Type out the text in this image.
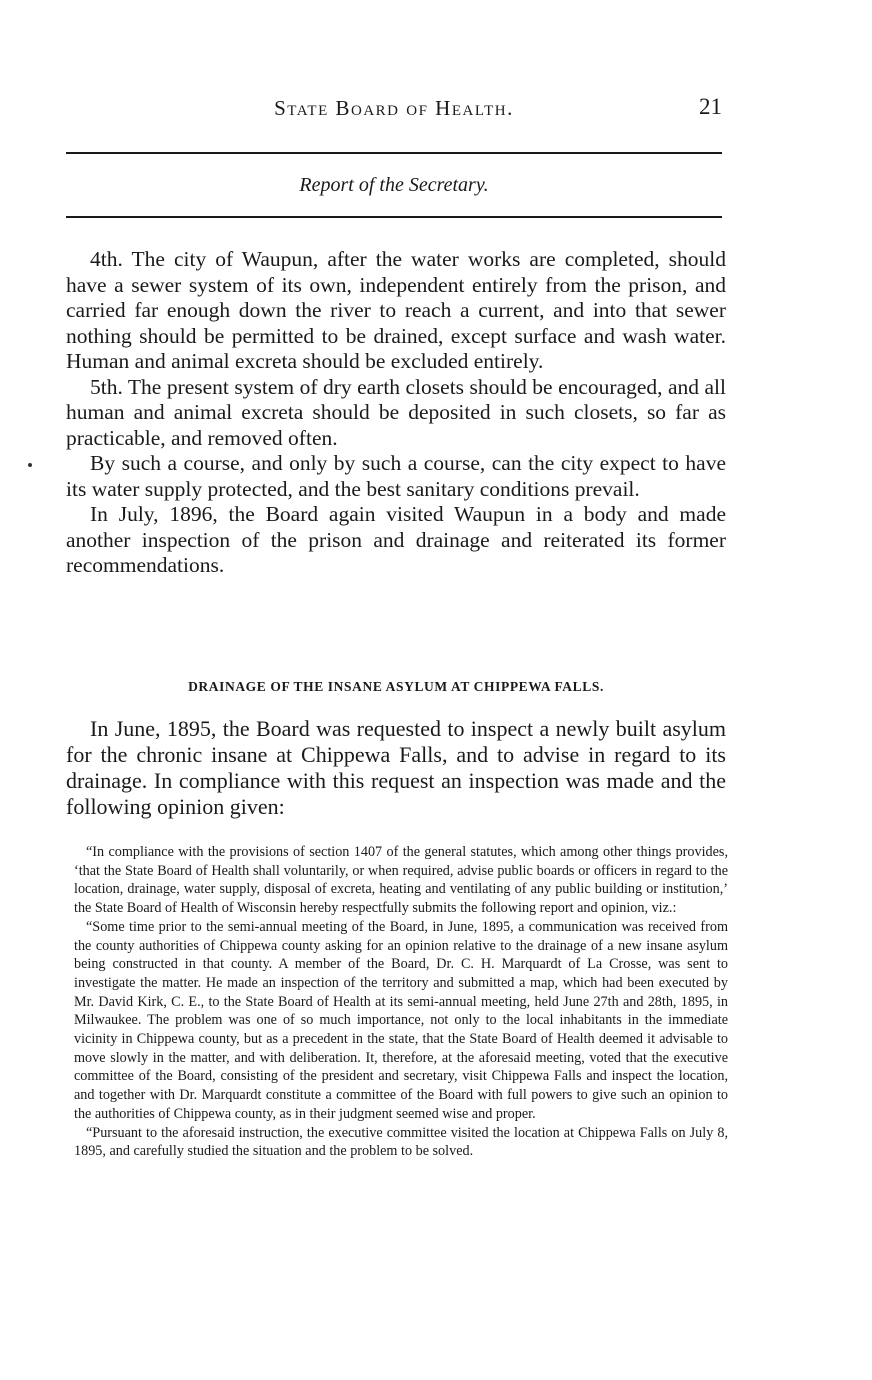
State Board of Health.	21
Report of the Secretary.

4th. The city of Waupun, after the water works are completed, should have a sewer system of its own, independent entirely from the prison, and carried far enough down the river to reach a current, and into that sewer nothing should be permitted to be drained, except surface and wash water. Human and animal excreta should be excluded entirely.

5th. The present system of dry earth closets should be encouraged, and all human and animal excreta should be deposited in such closets, so far as practicable, and removed often.

By such a course, and only by such a course, can the city expect to have its water supply protected, and the best sanitary conditions prevail.

In July, 1896, the Board again visited Waupun in a body and made another inspection of the prison and drainage and reiterated its former recommendations.

DRAINAGE OF THE INSANE ASYLUM AT CHIPPEWA FALLS.

In June, 1895, the Board was requested to inspect a newly built asylum for the chronic insane at Chippewa Falls, and to advise in regard to its drainage. In compliance with this request an inspection was made and the following opinion given:

“In compliance with the provisions of section 1407 of the general statutes, which among other things provides, ‘that the State Board of Health shall voluntarily, or when required, advise public boards or officers in regard to the location, drainage, water supply, disposal of excreta, heating and ventilating of any public building or institution,’ the State Board of Health of Wisconsin hereby respectfully submits the following report and opinion, viz.:

“Some time prior to the semi-annual meeting of the Board, in June, 1895, a communication was received from the county authorities of Chippewa county asking for an opinion relative to the drainage of a new insane asylum being constructed in that county. A member of the Board, Dr. C. H. Marquardt of La Crosse, was sent to investigate the matter. He made an inspection of the territory and submitted a map, which had been executed by Mr. David Kirk, C. E., to the State Board of Health at its semi-annual meeting, held June 27th and 28th, 1895, in Milwaukee. The problem was one of so much importance, not only to the local inhabitants in the immediate vicinity in Chippewa county, but as a precedent in the state, that the State Board of Health deemed it advisable to move slowly in the matter, and with deliberation. It, therefore, at the aforesaid meeting, voted that the executive committee of the Board, consisting of the president and secretary, visit Chippewa Falls and inspect the location, and together with Dr. Marquardt constitute a committee of the Board with full powers to give such an opinion to the authorities of Chippewa county, as in their judgment seemed wise and proper.

“Pursuant to the aforesaid instruction, the executive committee visited the location at Chippewa Falls on July 8, 1895, and carefully studied the situation and the problem to be solved.
